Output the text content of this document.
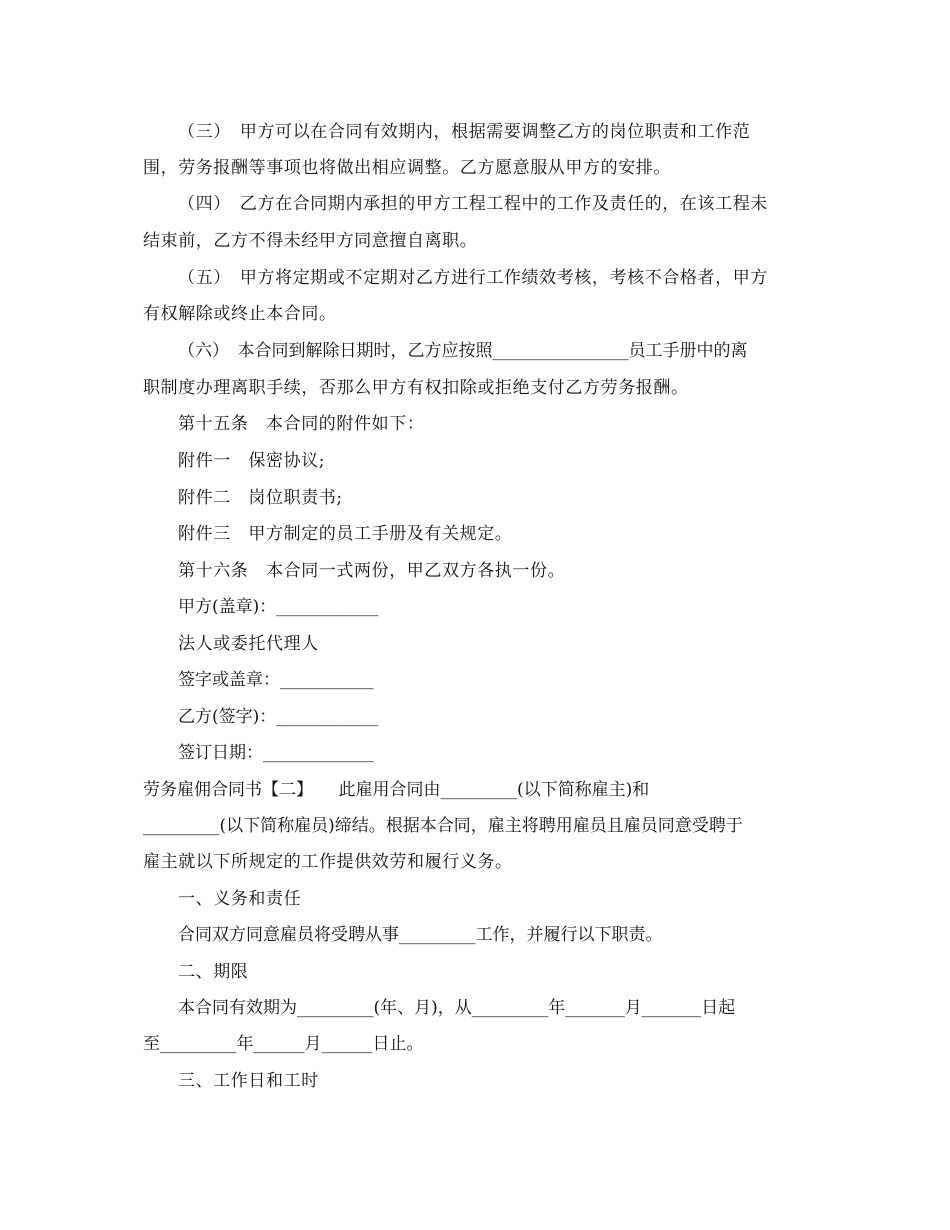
（三）　甲方可以在合同有效期内，根据需要调整乙方的岗位职责和工作范
围，劳务报酬等事项也将做出相应调整。乙方愿意服从甲方的安排。
（四）　乙方在合同期内承担的甲方工程工程中的工作及责任的，在该工程未
结束前，乙方不得未经甲方同意擅自离职。
（五）　甲方将定期或不定期对乙方进行工作绩效考核，考核不合格者，甲方
有权解除或终止本合同。
（六）　本合同到解除日期时，乙方应按照________________员工手册中的离
职制度办理离职手续，否那么甲方有权扣除或拒绝支付乙方劳务报酬。
第十五条　本合同的附件如下：
附件一　保密协议;
附件二　岗位职责书;
附件三　甲方制定的员工手册及有关规定。
第十六条　本合同一式两份，甲乙双方各执一份。
甲方(盖章)：____________
法人或委托代理人
签字或盖章：___________
乙方(签字)：____________
签订日期：_____________
劳务雇佣合同书【二】　　此雇用合同由_________(以下简称雇主)和
_________(以下简称雇员)缔结。根据本合同，雇主将聘用雇员且雇员同意受聘于
雇主就以下所规定的工作提供效劳和履行义务。
一、义务和责任
合同双方同意雇员将受聘从事_________工作，并履行以下职责。
二、期限
本合同有效期为_________(年、月)，从_________年_______月_______日起
至_________年______月______日止。
三、工作日和工时
